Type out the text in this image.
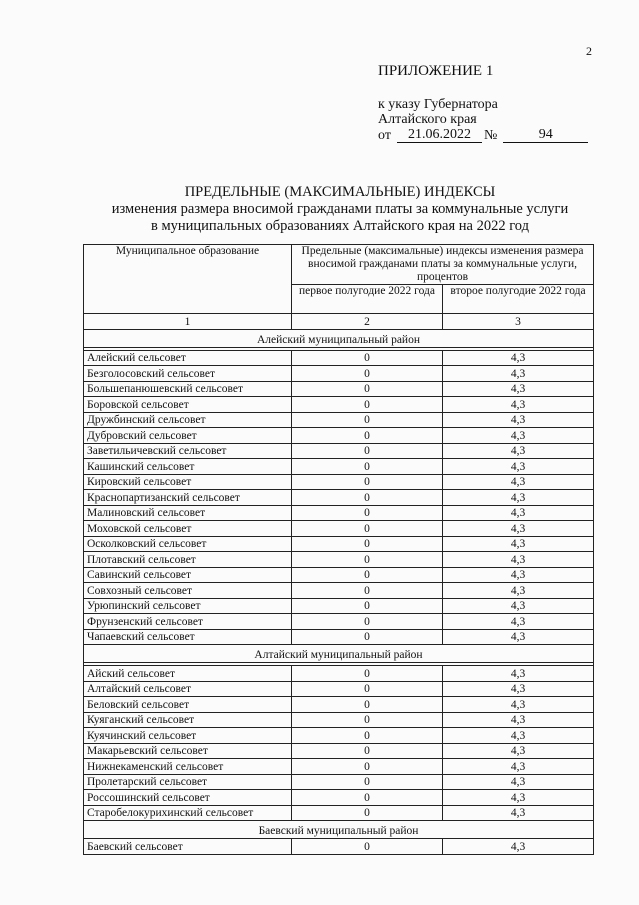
2
ПРИЛОЖЕНИЕ 1
к указу Губернатора
Алтайского края
от	21.06.2022 №	94
ПРЕДЕЛЬНЫЕ (МАКСИМАЛЬНЫЕ) ИНДЕКСЫ
изменения размера вносимой гражданами платы за коммунальные услуги
в муниципальных образованиях Алтайского края на 2022 год
Муниципальное образование	Предельные (максимальные) индексы изменения размера вносимой гражданами платы за коммунальные услуги, процентов	
	первое полугодие 2022 года	второе полугодие 2022 года
1	2	3
Алейский муниципальный район		

Алейский сельсовет	0	4,3
Безголосовский сельсовет	0	4,3
Большепанюшевский сельсовет	0	4,3
Боровской сельсовет	0	4,3
Дружбинский сельсовет	0	4,3
Дубровский сельсовет	0	4,3
Заветильичевский сельсовет	0	4,3
Кашинский сельсовет	0	4,3
Кировский сельсовет	0	4,3
Краснопартизанский сельсовет	0	4,3
Малиновский сельсовет	0	4,3
Моховской сельсовет	0	4,3
Осколковский сельсовет	0	4,3
Плотавский сельсовет	0	4,3
Савинский сельсовет	0	4,3
Совхозный сельсовет	0	4,3
Урюпинский сельсовет	0	4,3
Фрунзенский сельсовет	0	4,3
Чапаевский сельсовет	0	4,3
Алтайский муниципальный район		

Айский сельсовет	0	4,3
Алтайский сельсовет	0	4,3
Беловский сельсовет	0	4,3
Куяганский сельсовет	0	4,3
Куячинский сельсовет	0	4,3
Макарьевский сельсовет	0	4,3
Нижнекаменский сельсовет	0	4,3
Пролетарский сельсовет	0	4,3
Россошинский сельсовет	0	4,3
Старобелокурихинский сельсовет	0	4,3
Баевский муниципальный район		
Баевский сельсовет	0	4,3
